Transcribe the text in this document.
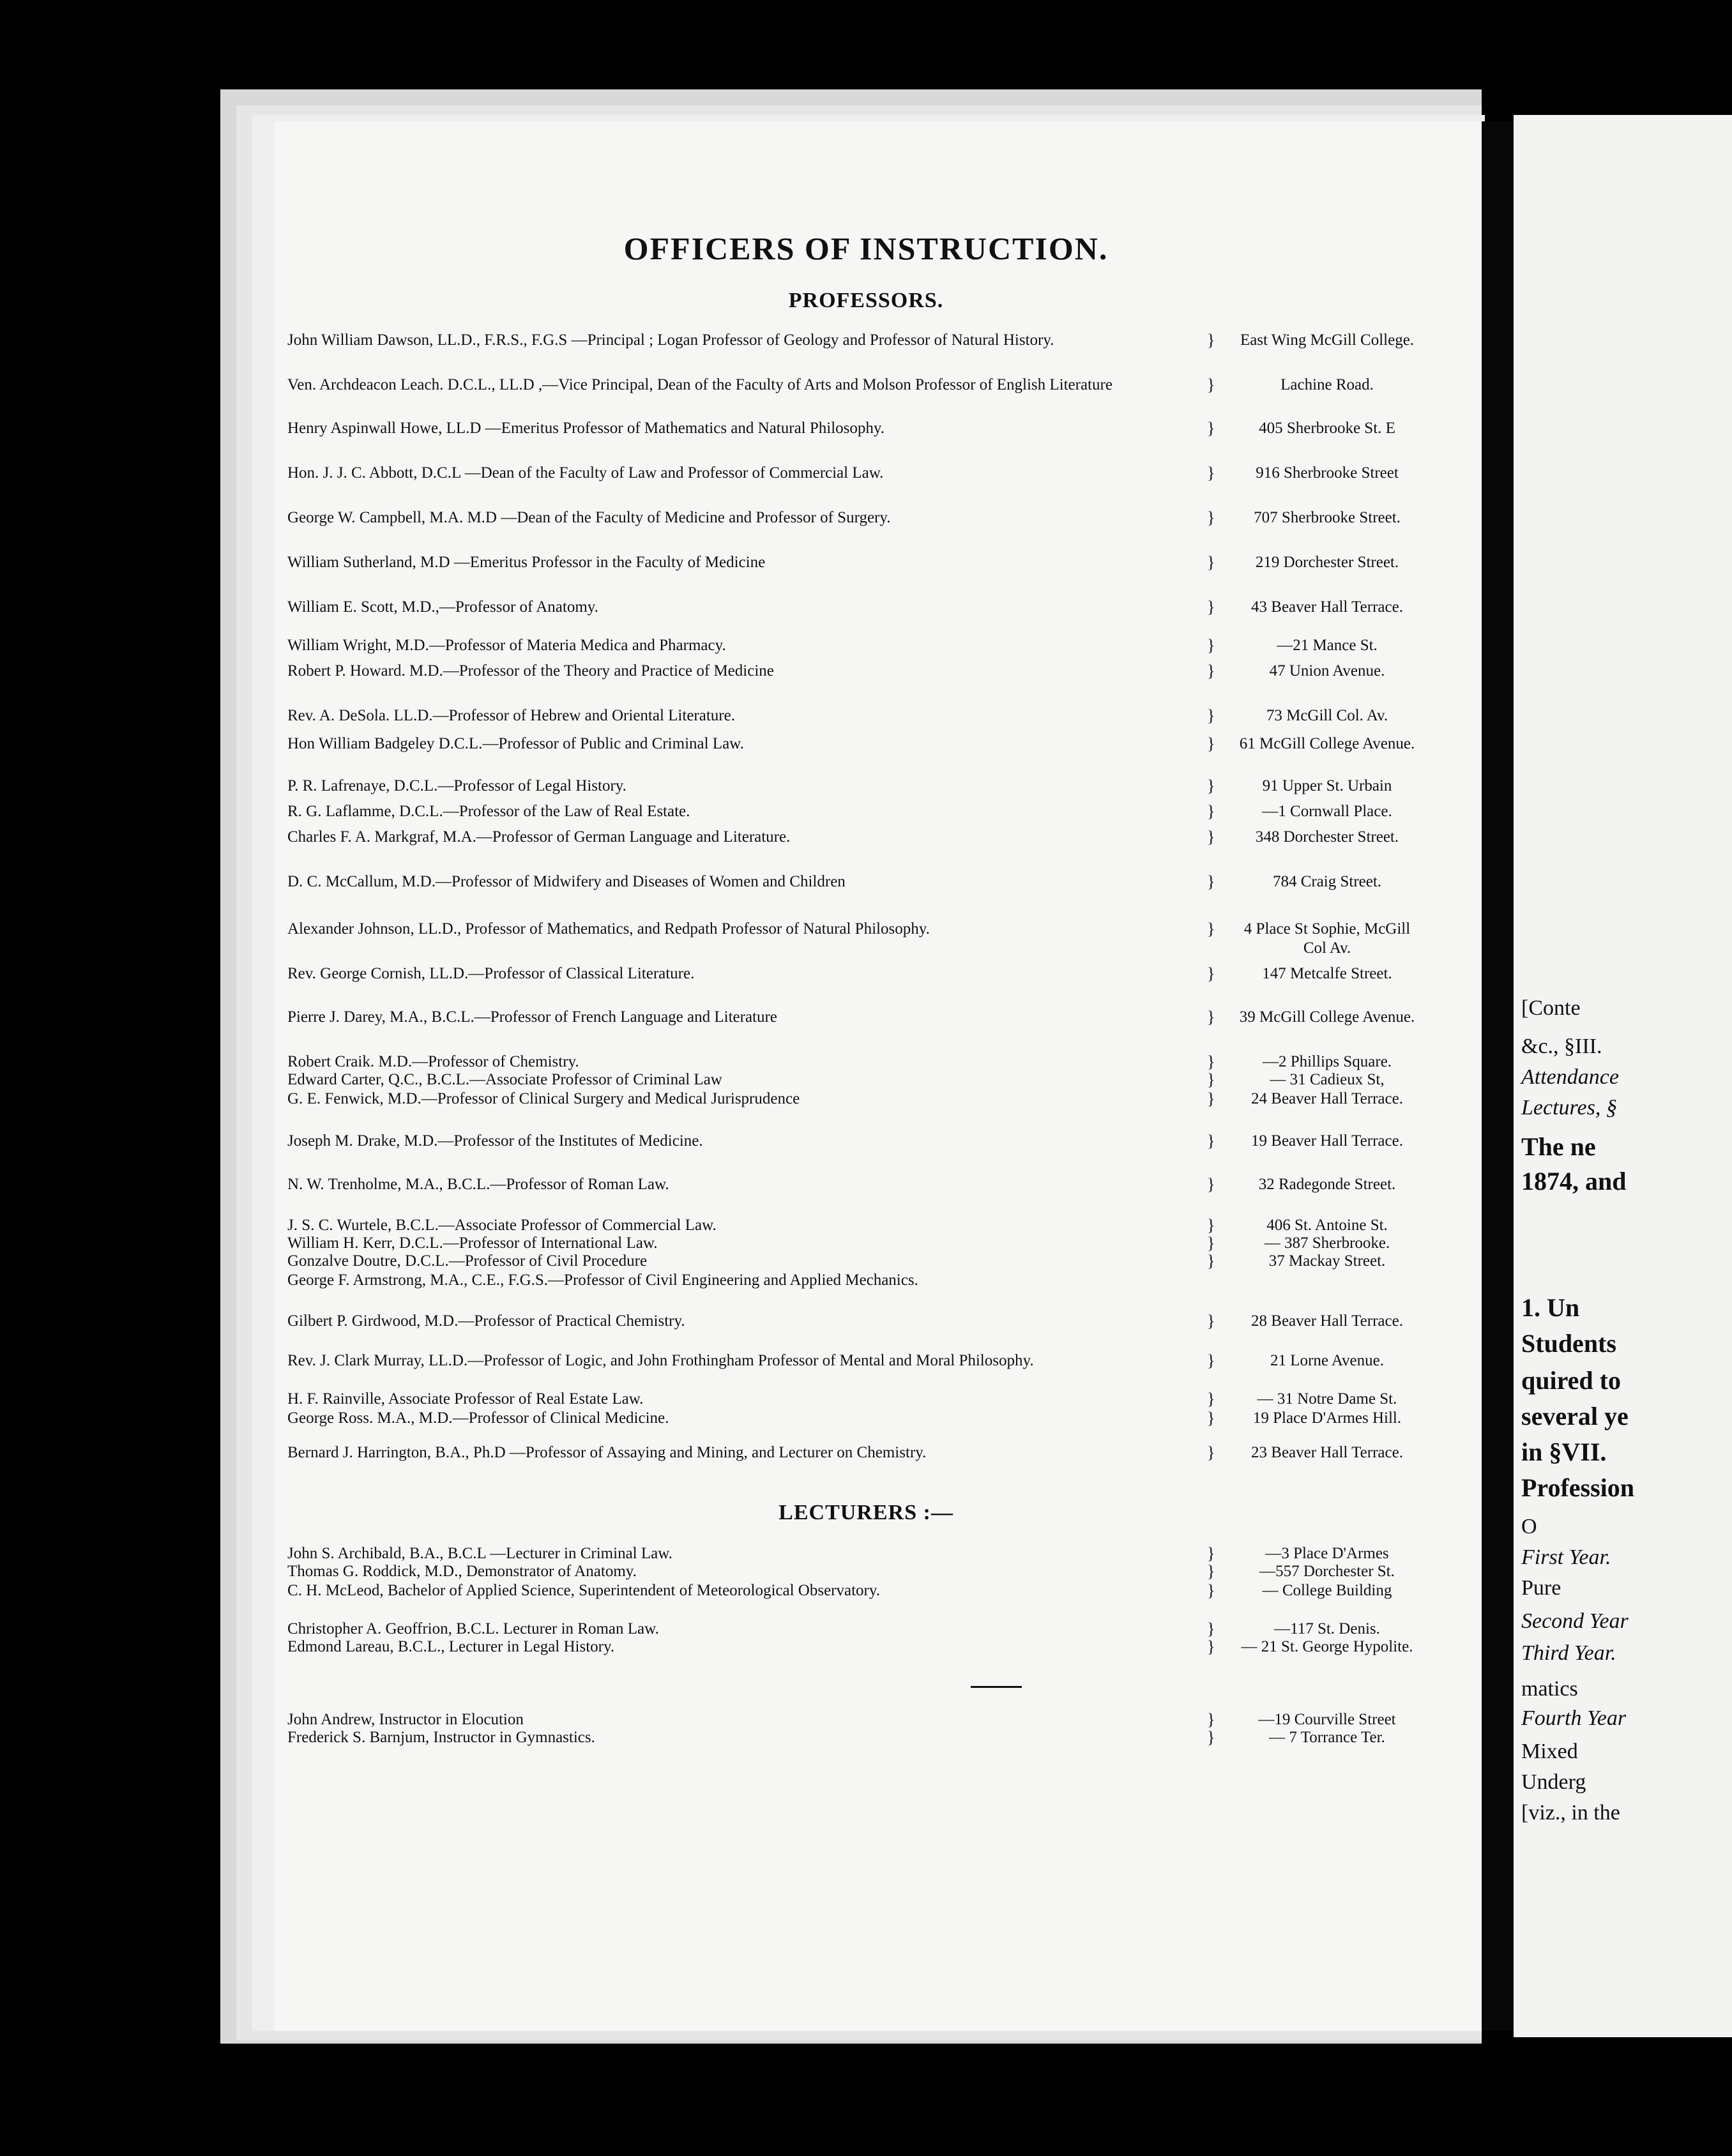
[Conte
&c., §III.
Attendance
Lectures, §
The ne
1874, and
1. Un
Students
quired to
several ye
in §VII.
Profession
O
First Year.
Pure
Second Year
Third Year.
matics
Fourth Year
Mixed
Underg
[viz., in the
OFFICERS OF INSTRUCTION.
PROFESSORS.
John William Dawson, LL.D., F.R.S., F.G.S —Principal ; Logan Professor of Geology and Professor of Natural History.	}	East Wing McGill College.
Ven. Archdeacon Leach. D.C.L., LL.D ,—Vice Principal, Dean of the Faculty of Arts and Molson Professor of English Literature	}	Lachine Road.
Henry Aspinwall Howe, LL.D —Emeritus Professor of Mathematics and Natural Philosophy.	}	405 Sherbrooke St. E
Hon. J. J. C. Abbott, D.C.L —Dean of the Faculty of Law and Professor of Commercial Law.	}	916 Sherbrooke Street
George W. Campbell, M.A. M.D —Dean of the Faculty of Medicine and Professor of Surgery.	}	707 Sherbrooke Street.
William Sutherland, M.D —Emeritus Professor in the Faculty of Medicine	}	219 Dorchester Street.
William E. Scott, M.D.,—Professor of Anatomy.	}	43 Beaver Hall Terrace.
William Wright, M.D.—Professor of Materia Medica and Pharmacy.	}	—21 Mance St.
Robert P. Howard. M.D.—Professor of the Theory and Practice of Medicine	}	47 Union Avenue.
Rev. A. DeSola. LL.D.—Professor of Hebrew and Oriental Literature.	}	73 McGill Col. Av.
Hon William Badgeley D.C.L.—Professor of Public and Criminal Law.	}	61 McGill College Avenue.
P. R. Lafrenaye, D.C.L.—Professor of Legal History.	}	91 Upper St. Urbain
R. G. Laflamme, D.C.L.—Professor of the Law of Real Estate.	}	—1 Cornwall Place.
Charles F. A. Markgraf, M.A.—Professor of German Language and Literature.	}	348 Dorchester Street.
D. C. McCallum, M.D.—Professor of Midwifery and Diseases of Women and Children	}	784 Craig Street.
Alexander Johnson, LL.D., Professor of Mathematics, and Redpath Professor of Natural Philosophy.	}	4 Place St Sophie, McGill Col Av.
Rev. George Cornish, LL.D.—Professor of Classical Literature.	}	147 Metcalfe Street.
Pierre J. Darey, M.A., B.C.L.—Professor of French Language and Literature	}	39 McGill College Avenue.
Robert Craik. M.D.—Professor of Chemistry.	}	—2 Phillips Square.
Edward Carter, Q.C., B.C.L.—Associate Professor of Criminal Law	}	— 31 Cadieux St,
G. E. Fenwick, M.D.—Professor of Clinical Surgery and Medical Jurisprudence	}	24 Beaver Hall Terrace.
Joseph M. Drake, M.D.—Professor of the Institutes of Medicine.	}	19 Beaver Hall Terrace.
N. W. Trenholme, M.A., B.C.L.—Professor of Roman Law.	}	32 Radegonde Street.
J. S. C. Wurtele, B.C.L.—Associate Professor of Commercial Law.	}	406 St. Antoine St.
William H. Kerr, D.C.L.—Professor of International Law.	}	— 387 Sherbrooke.
Gonzalve Doutre, D.C.L.—Professor of Civil Procedure	}	37 Mackay Street.
George F. Armstrong, M.A., C.E., F.G.S.—Professor of Civil Engineering and Applied Mechanics.
Gilbert P. Girdwood, M.D.—Professor of Practical Chemistry.	}	28 Beaver Hall Terrace.
Rev. J. Clark Murray, LL.D.—Professor of Logic, and John Frothingham Professor of Mental and Moral Philosophy.	}	21 Lorne Avenue.
H. F. Rainville, Associate Professor of Real Estate Law.	}	— 31 Notre Dame St.
George Ross. M.A., M.D.—Professor of Clinical Medicine.	}	19 Place D'Armes Hill.
Bernard J. Harrington, B.A., Ph.D —Professor of Assaying and Mining, and Lecturer on Chemistry.	}	23 Beaver Hall Terrace.
LECTURERS :—
John S. Archibald, B.A., B.C.L —Lecturer in Criminal Law.	}	—3 Place D'Armes
Thomas G. Roddick, M.D., Demonstrator of Anatomy.	}	—557 Dorchester St.
C. H. McLeod, Bachelor of Applied Science, Superintendent of Meteorological Observatory.	}	— College Building
Christopher A. Geoffrion, B.C.L. Lecturer in Roman Law.	}	—117 St. Denis.
Edmond Lareau, B.C.L., Lecturer in Legal History.	}	— 21 St. George Hypolite.
John Andrew, Instructor in Elocution	}	—19 Courville Street
Frederick S. Barnjum, Instructor in Gymnastics.	}	— 7 Torrance Ter.
